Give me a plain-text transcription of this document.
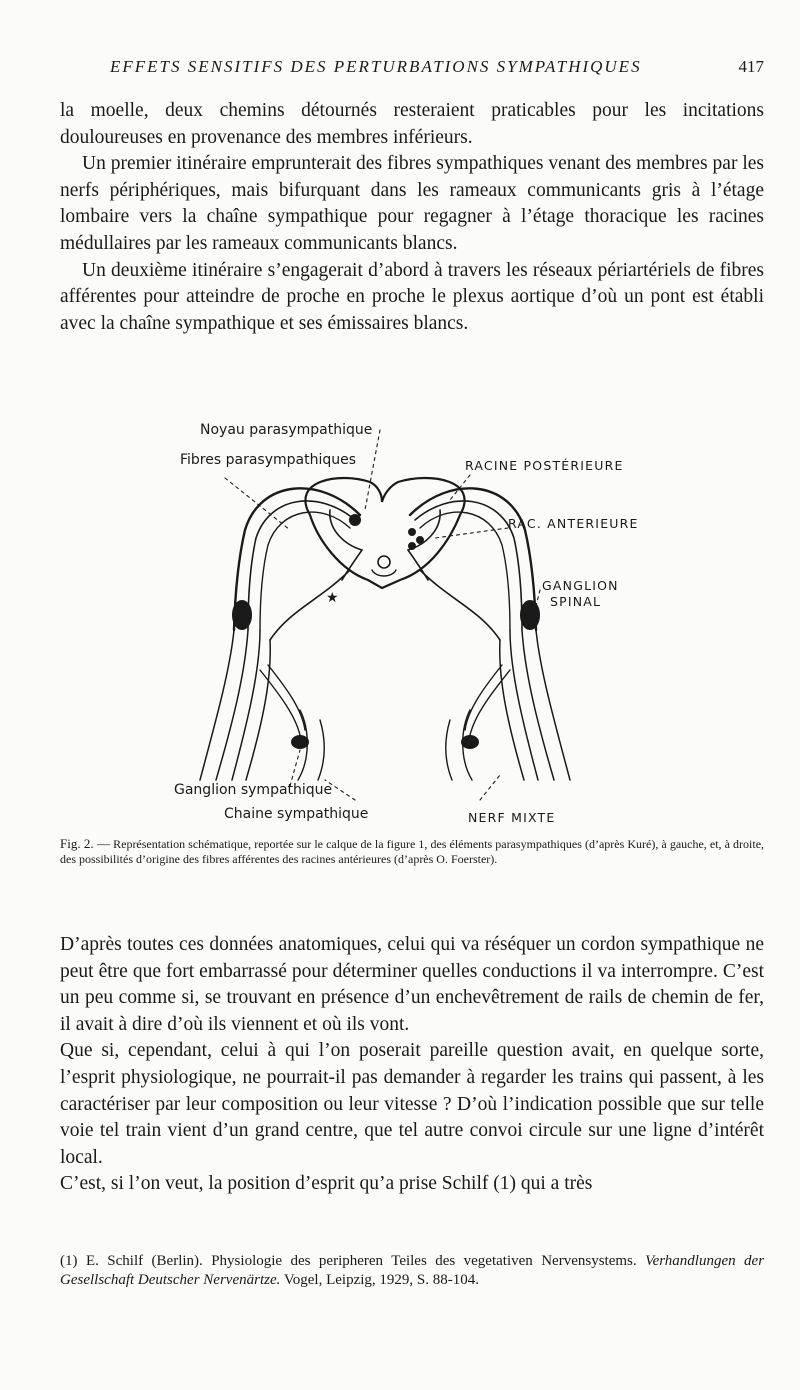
EFFETS SENSITIFS DES PERTURBATIONS SYMPATHIQUES	417

la moelle, deux chemins détournés resteraient praticables pour les incitations douloureuses en provenance des membres inférieurs.

Un premier itinéraire emprunterait des fibres sympathiques venant des membres par les nerfs périphériques, mais bifurquant dans les rameaux communicants gris à l’étage lombaire vers la chaîne sympathique pour regagner à l’étage thoracique les racines médullaires par les rameaux communicants blancs.

Un deuxième itinéraire s’engagerait d’abord à travers les réseaux périartériels de fibres afférentes pour atteindre de proche en proche le plexus aortique d’où un pont est établi avec la chaîne sympathique et ses émissaires blancs.

★
Noyau parasympathique
Fibres parasympathiques	RACINE POSTÉRIEURE
RAC. ANTERIEURE
GANGLION
SPINAL
Ganglion sympathique
Chaine sympathique	NERF MIXTE
Fig. 2. — Représentation schématique, reportée sur le calque de la figure 1, des éléments parasympathiques (d’après Kuré), à gauche, et, à droite, des possibilités d’origine des fibres afférentes des racines antérieures (d’après O. Foerster).

D’après toutes ces données anatomiques, celui qui va réséquer un cordon sympathique ne peut être que fort embarrassé pour déterminer quelles conductions il va interrompre. C’est un peu comme si, se trouvant en présence d’un enchevêtrement de rails de chemin de fer, il avait à dire d’où ils viennent et où ils vont.

Que si, cependant, celui à qui l’on poserait pareille question avait, en quelque sorte, l’esprit physiologique, ne pourrait-il pas demander à regarder les trains qui passent, à les caractériser par leur composition ou leur vitesse ? D’où l’indication possible que sur telle voie tel train vient d’un grand centre, que tel autre convoi circule sur une ligne d’intérêt local.

C’est, si l’on veut, la position d’esprit qu’a prise Schilf (1) qui a très

(1) E. Schilf (Berlin). Physiologie des peripheren Teiles des vegetativen Nervensystems. Verhandlungen der Gesellschaft Deutscher Nervenärtze. Vogel, Leipzig, 1929, S. 88-104.
